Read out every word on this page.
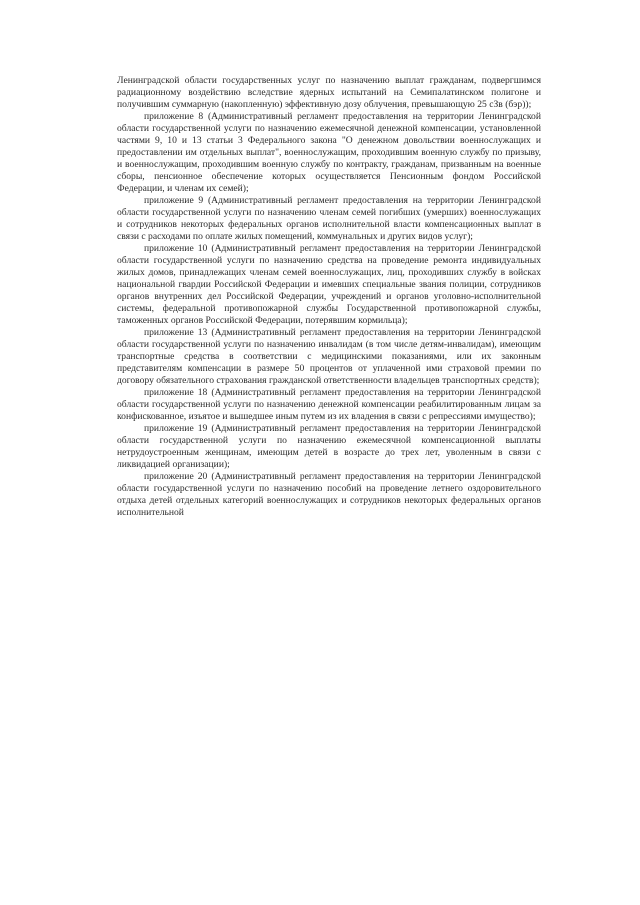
Ленинградской области государственных услуг по назначению выплат гражданам, подвергшимся радиационному воздействию вследствие ядерных испытаний на Семипалатинском полигоне и получившим суммарную (накопленную) эффективную дозу облучения, превышающую 25 сЗв (бэр));

приложение 8 (Административный регламент предоставления на территории Ленинградской области государственной услуги по назначению ежемесячной денежной компенсации, установленной частями 9, 10 и 13 статьи 3 Федерального закона "О денежном довольствии военнослужащих и предоставлении им отдельных выплат", военнослужащим, проходившим военную службу по призыву, и военнослужащим, проходившим военную службу по контракту, гражданам, призванным на военные сборы, пенсионное обеспечение которых осуществляется Пенсионным фондом Российской Федерации, и членам их семей);

приложение 9 (Административный регламент предоставления на территории Ленинградской области государственной услуги по назначению членам семей погибших (умерших) военнослужащих и сотрудников некоторых федеральных органов исполнительной власти компенсационных выплат в связи с расходами по оплате жилых помещений, коммунальных и других видов услуг);

приложение 10 (Административный регламент предоставления на территории Ленинградской области государственной услуги по назначению средства на проведение ремонта индивидуальных жилых домов, принадлежащих членам семей военнослужащих, лиц, проходивших службу в войсках национальной гвардии Российской Федерации и имевших специальные звания полиции, сотрудников органов внутренних дел Российской Федерации, учреждений и органов уголовно-исполнительной системы, федеральной противопожарной службы Государственной противопожарной службы, таможенных органов Российской Федерации, потерявшим кормильца);

приложение 13 (Административный регламент предоставления на территории Ленинградской области государственной услуги по назначению инвалидам (в том числе детям-инвалидам), имеющим транспортные средства в соответствии с медицинскими показаниями, или их законным представителям компенсации в размере 50 процентов от уплаченной ими страховой премии по договору обязательного страхования гражданской ответственности владельцев транспортных средств);

приложение 18 (Административный регламент предоставления на территории Ленинградской области государственной услуги по назначению денежной компенсации реабилитированным лицам за конфискованное, изъятое и вышедшее иным путем из их владения в связи с репрессиями имущество);

приложение 19 (Административный регламент предоставления на территории Ленинградской области государственной услуги по назначению ежемесячной компенсационной выплаты нетрудоустроенным женщинам, имеющим детей в возрасте до трех лет, уволенным в связи с ликвидацией организации);

приложение 20 (Административный регламент предоставления на территории Ленинградской области государственной услуги по назначению пособий на проведение летнего оздоровительного отдыха детей отдельных категорий военнослужащих и сотрудников некоторых федеральных органов исполнительной
